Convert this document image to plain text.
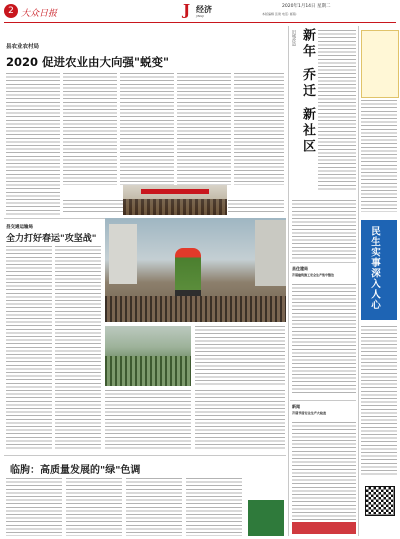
2 大众日报	J 经济
JINGJI
2020年1月14日 星期二
本版编辑 张建 电话: 邮箱:
县农业农村局
2020 促进农业由大向强"蜕变"
县交通运输局
全力打好春运"攻坚战"
临朐：高质量发展的"绿"色调
旧城改造 新年 乔迁 新社区
县住建局
开展建筑施工安全生产集中整治
新闻
开展节前安全生产大检查
民生实事深入人心
